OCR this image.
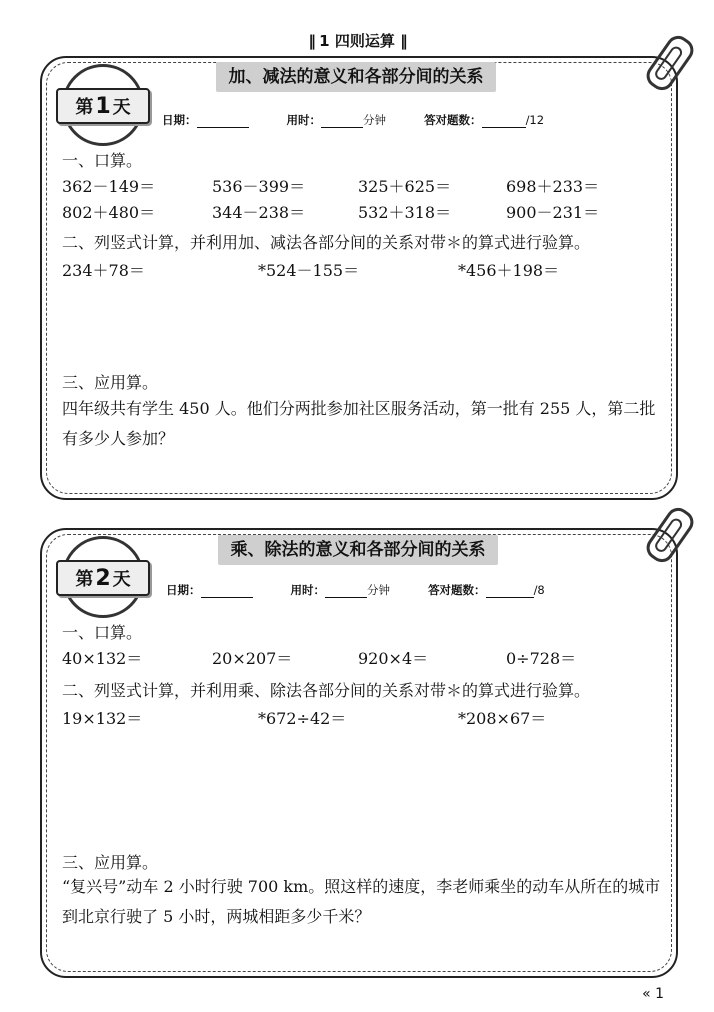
‖ 1 四则运算 ‖
第 1 天
加、减法的意义和各部分间的关系
日期：	用时：	分钟	答对题数：	/12
一、口算。
362－149＝	536－399＝	325＋625＝	698＋233＝
802＋480＝	344－238＝	532＋318＝	900－231＝
二、列竖式计算，并利用加、减法各部分间的关系对带＊的算式进行验算。
234＋78＝	*524－155＝	*456＋198＝
三、应用算。
四年级共有学生 450 人。他们分两批参加社区服务活动，第一批有 255 人，第二批有多少人参加？
第 2 天
乘、除法的意义和各部分间的关系
日期：	用时：	分钟	答对题数：	/8
一、口算。
40×132＝	20×207＝	920×4＝	0÷728＝
二、列竖式计算，并利用乘、除法各部分间的关系对带＊的算式进行验算。
19×132＝	*672÷42＝	*208×67＝
三、应用算。
“复兴号”动车 2 小时行驶 700 km。照这样的速度，李老师乘坐的动车从所在的城市到北京行驶了 5 小时，两城相距多少千米？
« 1
